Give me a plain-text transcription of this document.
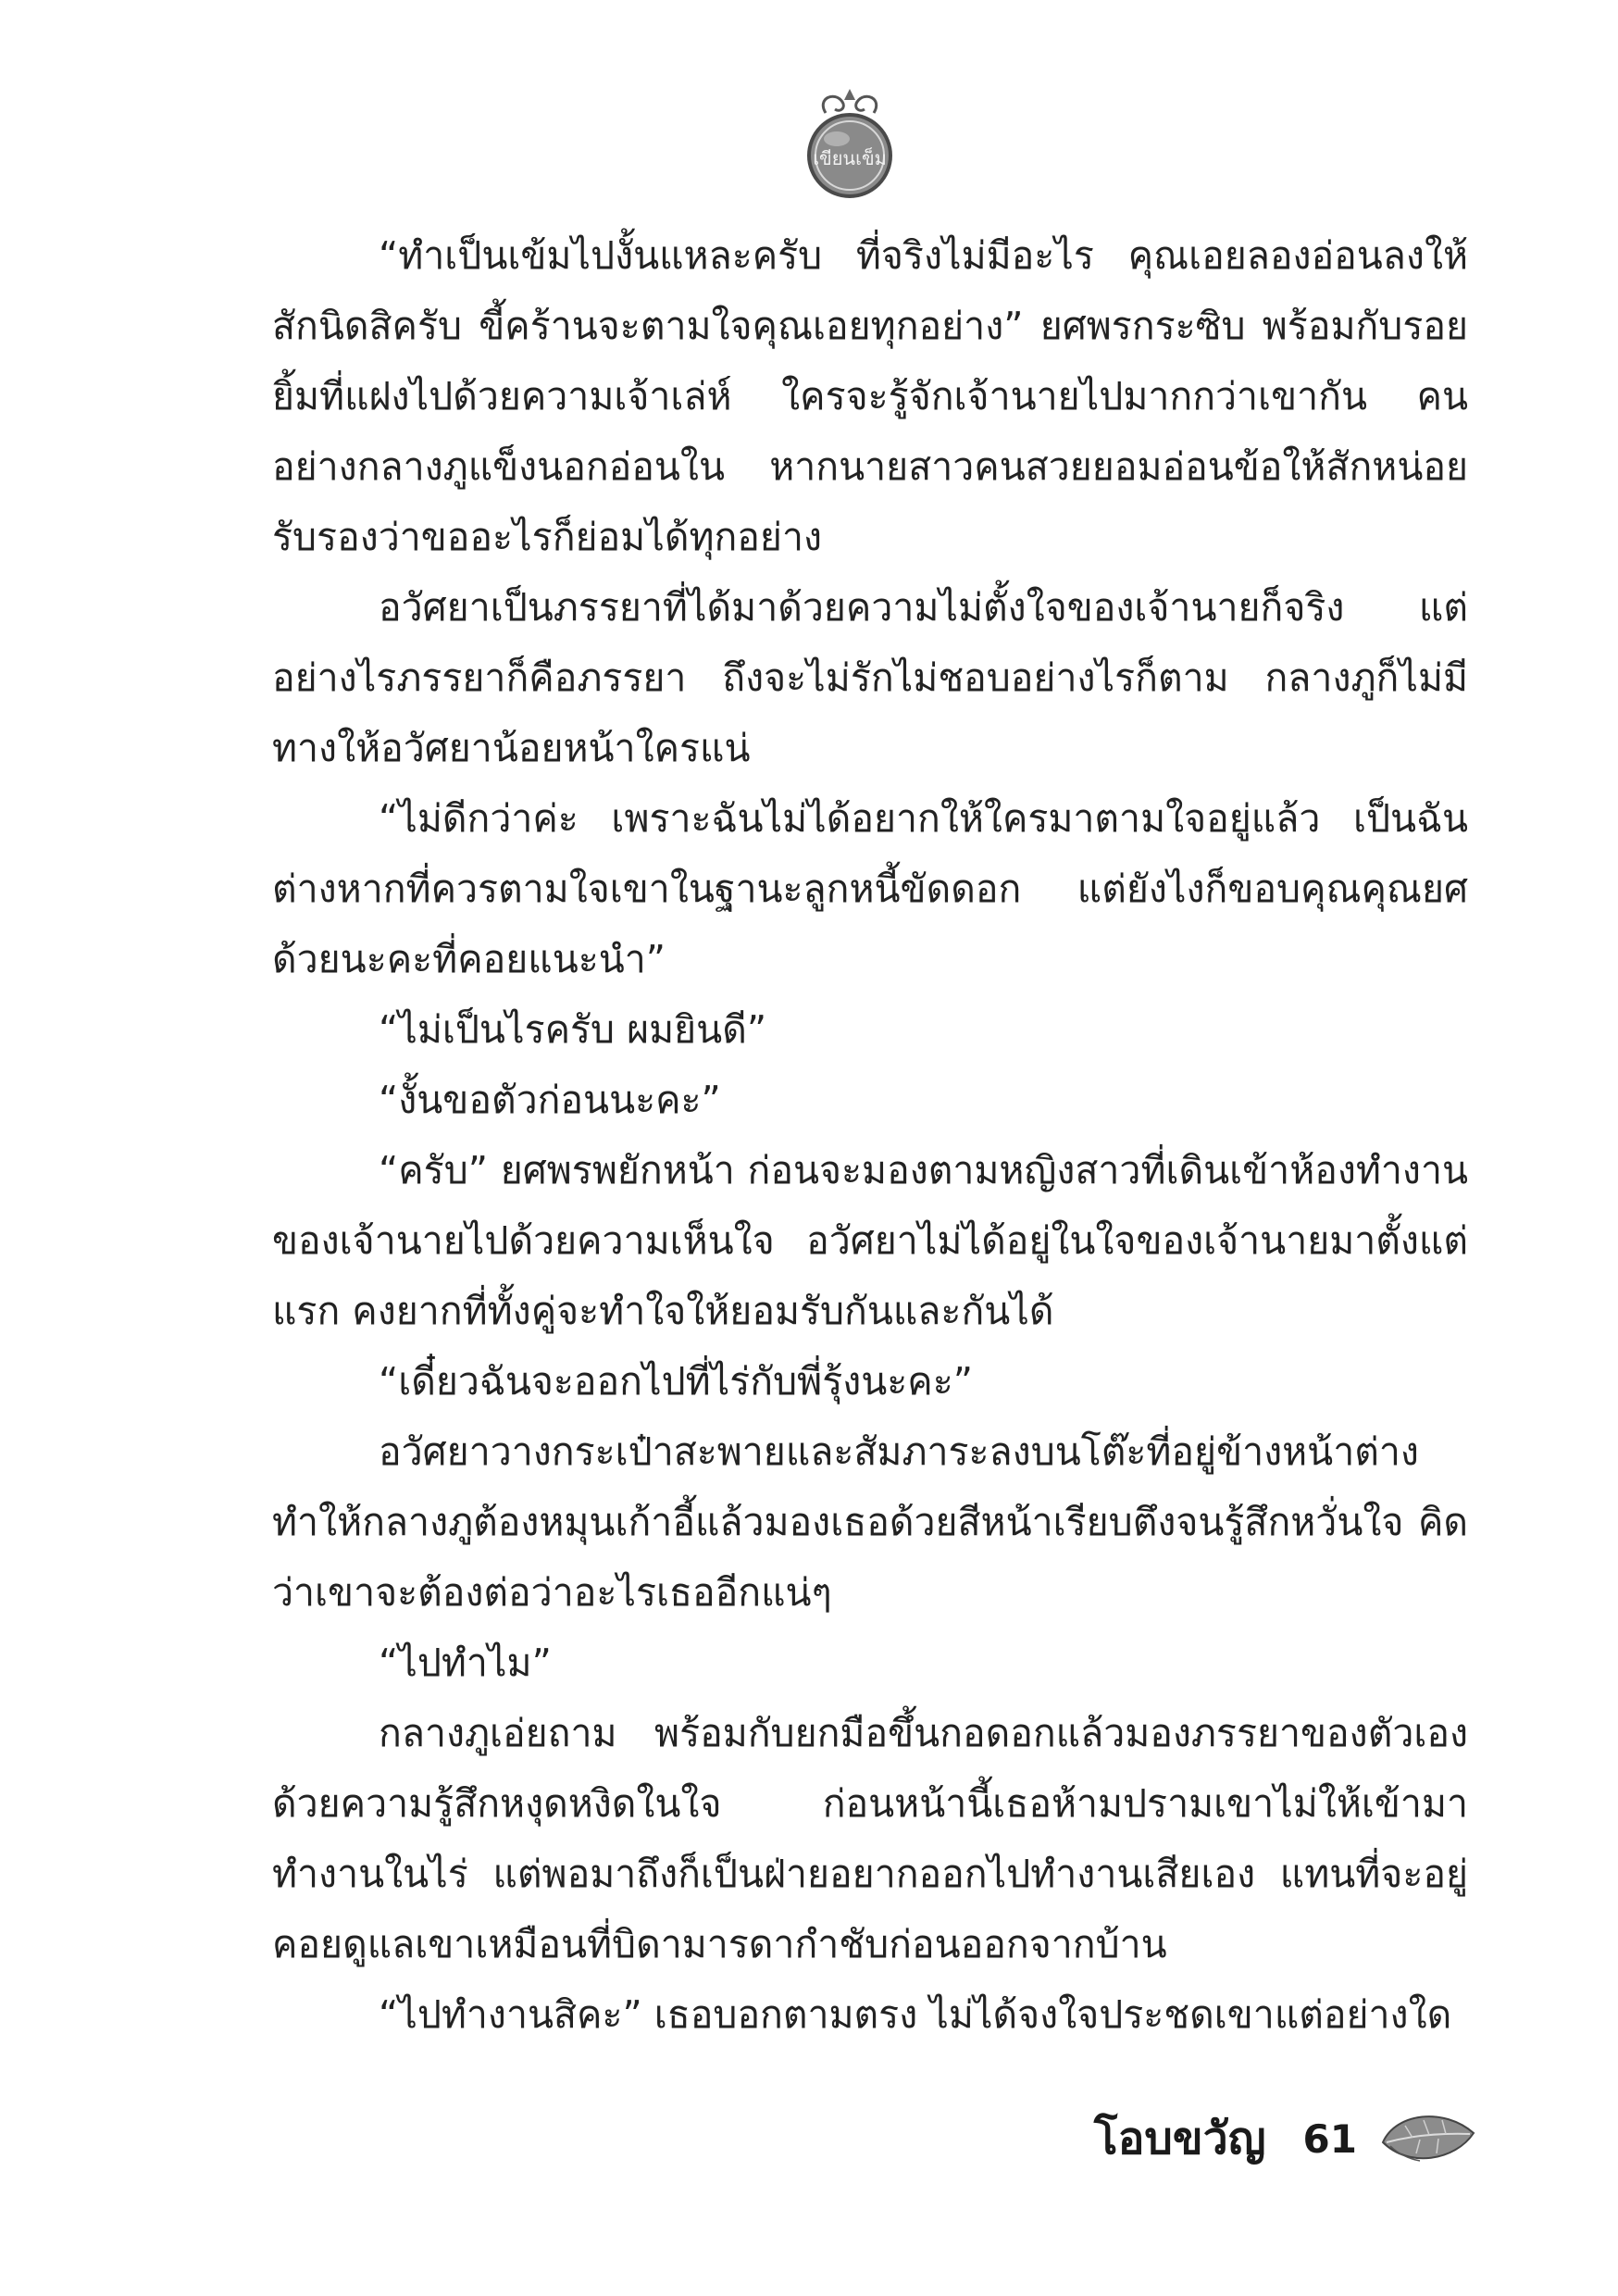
เขียนเข็ม

“ทำเป็นเข้มไปงั้นแหละครับ ที่จริงไม่มีอะไร คุณเอยลองอ่อนลงให้สักนิดสิครับ ขี้คร้านจะตามใจคุณเอยทุกอย่าง” ยศพรกระซิบ พร้อมกับรอยยิ้มที่แฝงไปด้วยความเจ้าเล่ห์ ใครจะรู้จักเจ้านายไปมากกว่าเขากัน คนอย่างกลางภูแข็งนอกอ่อนใน หากนายสาวคนสวยยอมอ่อนข้อให้สักหน่อย รับรองว่าขออะไรก็ย่อมได้ทุกอย่าง

อวัศยาเป็นภรรยาที่ได้มาด้วยความไม่ตั้งใจของเจ้านายก็จริง แต่อย่างไรภรรยาก็คือภรรยา ถึงจะไม่รักไม่ชอบอย่างไรก็ตาม กลางภูก็ไม่มีทางให้อวัศยาน้อยหน้าใครแน่

“ไม่ดีกว่าค่ะ เพราะฉันไม่ได้อยากให้ใครมาตามใจอยู่แล้ว เป็นฉันต่างหากที่ควรตามใจเขาในฐานะลูกหนี้ขัดดอก แต่ยังไงก็ขอบคุณคุณยศด้วยนะคะที่คอยแนะนำ”

“ไม่เป็นไรครับ ผมยินดี”

“งั้นขอตัวก่อนนะคะ”

“ครับ” ยศพรพยักหน้า ก่อนจะมองตามหญิงสาวที่เดินเข้าห้องทำงานของเจ้านายไปด้วยความเห็นใจ อวัศยาไม่ได้อยู่ในใจของเจ้านายมาตั้งแต่แรก คงยากที่ทั้งคู่จะทำใจให้ยอมรับกันและกันได้

“เดี๋ยวฉันจะออกไปที่ไร่กับพี่รุ้งนะคะ”

อวัศยาวางกระเป๋าสะพายและสัมภาระลงบนโต๊ะที่อยู่ข้างหน้าต่าง ทำให้กลางภูต้องหมุนเก้าอี้แล้วมองเธอด้วยสีหน้าเรียบตึงจนรู้สึกหวั่นใจ คิดว่าเขาจะต้องต่อว่าอะไรเธออีกแน่ๆ

“ไปทำไม”

กลางภูเอ่ยถาม พร้อมกับยกมือขึ้นกอดอกแล้วมองภรรยาของตัวเองด้วยความรู้สึกหงุดหงิดในใจ ก่อนหน้านี้เธอห้ามปรามเขาไม่ให้เข้ามาทำงานในไร่ แต่พอมาถึงก็เป็นฝ่ายอยากออกไปทำงานเสียเอง แทนที่จะอยู่คอยดูแลเขาเหมือนที่บิดามารดากำชับก่อนออกจากบ้าน

“ไปทำงานสิคะ” เธอบอกตามตรง ไม่ได้จงใจประชดเขาแต่อย่างใด

โอบขวัญ 61
